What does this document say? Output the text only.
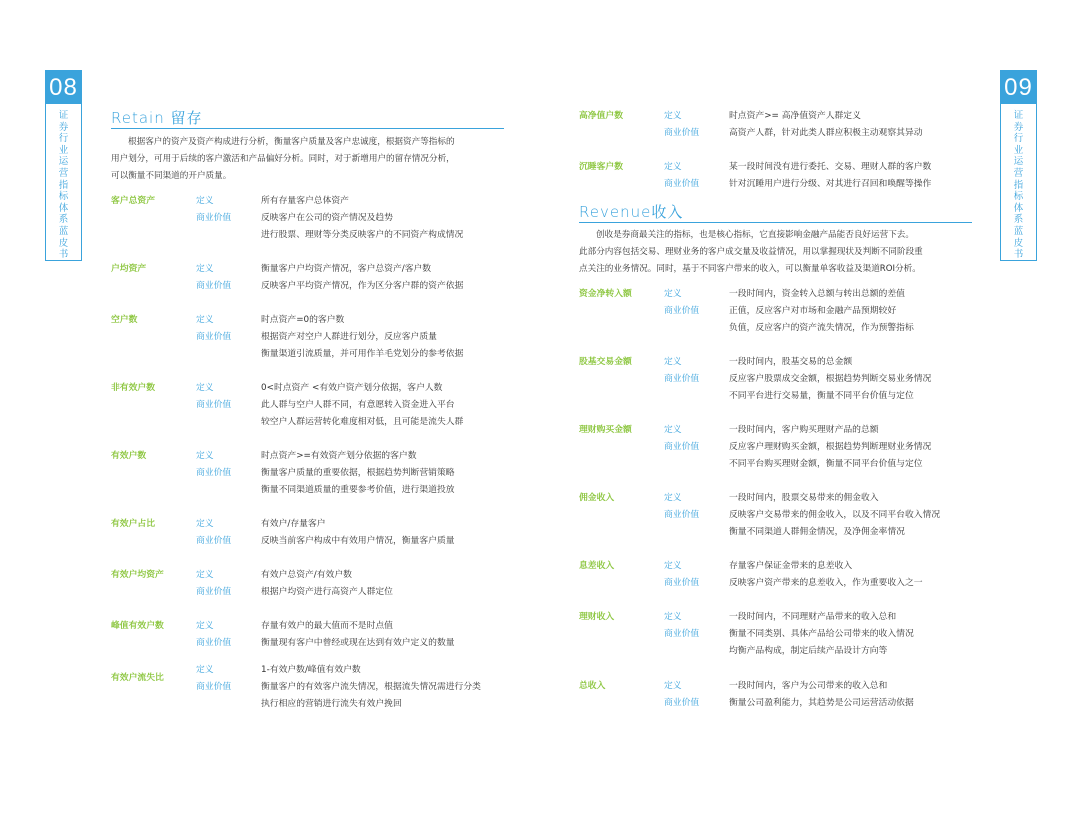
08
证
券
行
业
运
营
指
标
体
系
蓝
皮
书
09
证
券
行
业
运
营
指
标
体
系
蓝
皮
书
Retain 留存
根据客户的资产及资产构成进行分析，衡量客户质量及客户忠诚度，根据资产等指标的
用户划分，可用于后续的客户激活和产品偏好分析。同时，对于新增用户的留存情况分析，
可以衡量不同渠道的开户质量。
客户总资产	定义	所有存量客户总体资产
商业价值	反映客户在公司的资产情况及趋势
进行股票、理财等分类反映客户的不同资产构成情况
户均资产	定义	衡量客户户均资产情况，客户总资产/客户数
商业价值	反映客户平均资产情况，作为区分客户群的资产依据
空户数	定义	时点资产=0的客户数
商业价值	根据资产对空户人群进行划分，反应客户质量
衡量渠道引流质量，并可用作羊毛党划分的参考依据
非有效户数	定义	0<时点资产 <有效户资产划分依据，客户人数
商业价值	此人群与空户人群不同，有意愿转入资金进入平台
较空户人群运营转化难度相对低，且可能是流失人群
有效户数	定义	时点资产>=有效资产划分依据的客户数
商业价值	衡量客户质量的重要依据，根据趋势判断营销策略
衡量不同渠道质量的重要参考价值，进行渠道投放
有效户占比	定义	有效户/存量客户
商业价值	反映当前客户构成中有效用户情况，衡量客户质量
有效户均资产	定义	有效户总资产/有效户数
商业价值	根据户均资产进行高资产人群定位
峰值有效户数	定义	存量有效户的最大值而不是时点值
商业价值	衡量现有客户中曾经或现在达到有效户定义的数量
有效户流失比
定义	1-有效户数/峰值有效户数
商业价值	衡量客户的有效客户流失情况，根据流失情况需进行分类
执行相应的营销进行流失有效户挽回
高净值户数	定义	时点资产>= 高净值资产人群定义
商业价值	高资产人群，针对此类人群应积极主动观察其异动
沉睡客户数	定义	某一段时间没有进行委托、交易、理财人群的客户数
商业价值	针对沉睡用户进行分级、对其进行召回和唤醒等操作
Revenue收入
创收是券商最关注的指标，也是核心指标，它直接影响金融产品能否良好运营下去。
此部分内容包括交易、理财业务的客户成交量及收益情况，用以掌握现状及判断不同阶段重
点关注的业务情况。同时，基于不同客户带来的收入，可以衡量单客收益及渠道ROI分析。
资金净转入额	定义	一段时间内，资金转入总额与转出总额的差值
商业价值	正值，反应客户对市场和金融产品预期较好
负值，反应客户的资产流失情况，作为预警指标
股基交易金额	定义	一段时间内，股基交易的总金额
商业价值	反应客户股票成交金额，根据趋势判断交易业务情况
不同平台进行交易量，衡量不同平台价值与定位
理财购买金额	定义	一段时间内，客户购买理财产品的总额
商业价值	反应客户理财购买金额，根据趋势判断理财业务情况
不同平台购买理财金额，衡量不同平台价值与定位
佣金收入	定义	一段时间内，股票交易带来的佣金收入
商业价值	反映客户交易带来的佣金收入，以及不同平台收入情况
衡量不同渠道人群佣金情况，及净佣金率情况
息差收入	定义	存量客户保证金带来的息差收入
商业价值	反映客户资产带来的息差收入，作为重要收入之一
理财收入	定义	一段时间内，不同理财产品带来的收入总和
商业价值	衡量不同类别、具体产品给公司带来的收入情况
均衡产品构成，制定后续产品设计方向等
总收入	定义	一段时间内，客户为公司带来的收入总和
商业价值	衡量公司盈利能力，其趋势是公司运营活动依据
